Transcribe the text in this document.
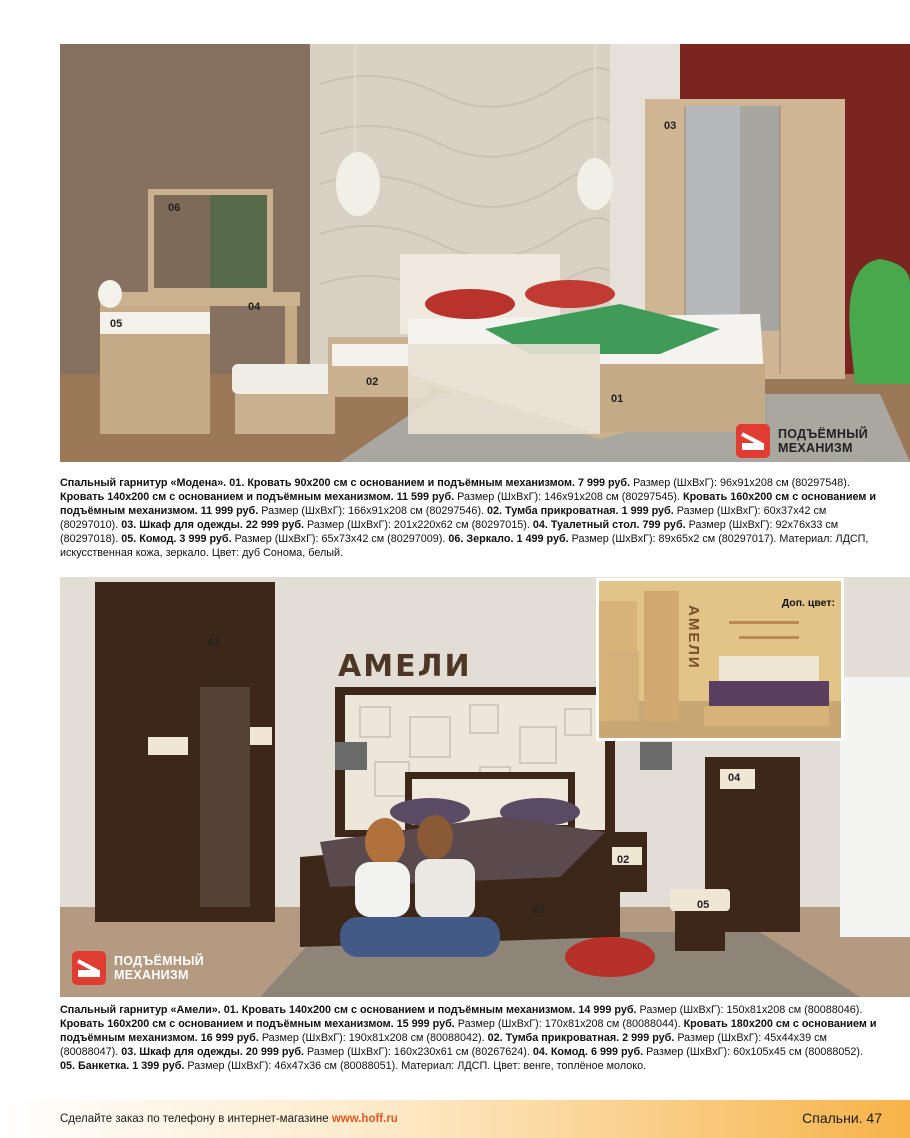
03
06
04
05
02
01
ПОДЪЁМНЫЙ
МЕХАНИЗМ
Спальный гарнитур «Модена». 01. Кровать 90х200 см с основанием и подъёмным механизмом. 7 999 руб. Размер (ШхВхГ): 96х91х208 см (80297548). Кровать 140х200 см с основанием и подъёмным механизмом. 11 599 руб. Размер (ШхВхГ): 146х91х208 см (80297545). Кровать 160х200 см с основанием и подъёмным механизмом. 11 999 руб. Размер (ШхВхГ): 166х91х208 см (80297546). 02. Тумба прикроватная. 1 999 руб. Размер (ШхВхГ): 60х37х42 см (80297010). 03. Шкаф для одежды. 22 999 руб. Размер (ШхВхГ): 201х220х62 см (80297015). 04. Туалетный стол. 799 руб. Размер (ШхВхГ): 92х76х33 см (80297018). 05. Комод. 3 999 руб. Размер (ШхВхГ): 65х73х42 см (80297009). 06. Зеркало. 1 499 руб. Размер (ШхВхГ): 89х65х2 см (80297017). Материал: ЛДСП, искусственная кожа, зеркало. Цвет: дуб Сонома, белый.
АМЕЛИ
03
04
02
01	05
ПОДЪЁМНЫЙ
МЕХАНИЗМ
Доп. цвет:
АМЕЛИ
Спальный гарнитур «Амели». 01. Кровать 140х200 см с основанием и подъёмным механизмом. 14 999 руб. Размер (ШхВхГ): 150х81х208 см (80088046). Кровать 160х200 см с основанием и подъёмным механизмом. 15 999 руб. Размер (ШхВхГ): 170х81х208 см (80088044). Кровать 180х200 см с основанием и подъёмным механизмом. 16 999 руб. Размер (ШхВхГ): 190х81х208 см (80088042). 02. Тумба прикроватная. 2 999 руб. Размер (ШхВхГ): 45х44х39 см (80088047). 03. Шкаф для одежды. 20 999 руб. Размер (ШхВхГ): 160х230х61 см (80267624). 04. Комод. 6 999 руб. Размер (ШхВхГ): 60х105х45 см (80088052). 05. Банкетка. 1 399 руб. Размер (ШхВхГ): 46х47х36 см (80088051). Материал: ЛДСП. Цвет: венге, топлёное молоко.
Сделайте заказ по телефону в интернет-магазине www.hoff.ru	Спальни. 47
